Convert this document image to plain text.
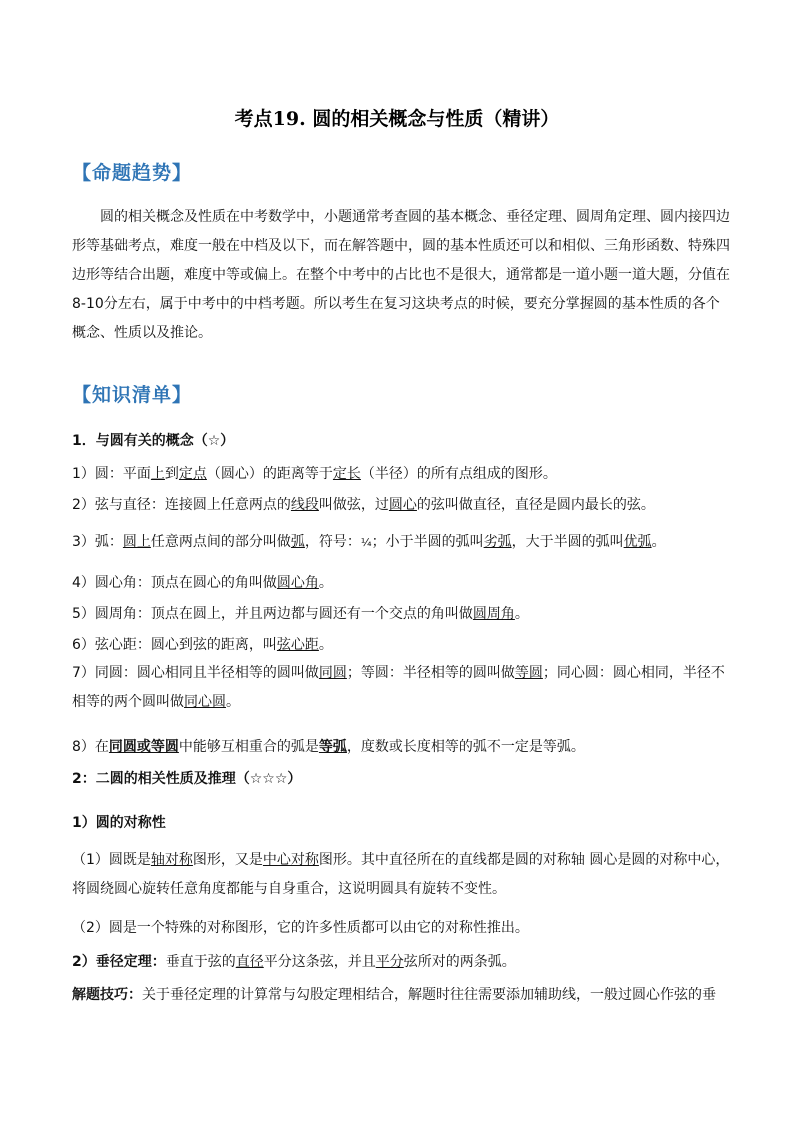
考点19. 圆的相关概念与性质（精讲）
【命题趋势】
圆的相关概念及性质在中考数学中，小题通常考查圆的基本概念、垂径定理、圆周角定理、圆内接四边形等基础考点，难度一般在中档及以下，而在解答题中，圆的基本性质还可以和相似、三角形函数、特殊四边形等结合出题，难度中等或偏上。在整个中考中的占比也不是很大，通常都是一道小题一道大题，分值在8-10分左右，属于中考中的中档考题。所以考生在复习这块考点的时候，要充分掌握圆的基本性质的各个概念、性质以及推论。
【知识清单】
1．与圆有关的概念（☆）
1）圆：平面上到定点（圆心）的距离等于定长（半径）的所有点组成的图形。
2）弦与直径：连接圆上任意两点的线段叫做弦，过圆心的弦叫做直径，直径是圆内最长的弦。
3）弧：圆上任意两点间的部分叫做弧，符号：¼；小于半圆的弧叫劣弧，大于半圆的弧叫优弧。
4）圆心角：顶点在圆心的角叫做圆心角。
5）圆周角：顶点在圆上，并且两边都与圆还有一个交点的角叫做圆周角。
6）弦心距：圆心到弦的距离，叫弦心距。
7）同圆：圆心相同且半径相等的圆叫做同圆；等圆：半径相等的圆叫做等圆；同心圆：圆心相同，半径不相等的两个圆叫做同心圆。
8）在同圆或等圆中能够互相重合的弧是等弧，度数或长度相等的弧不一定是等弧。
2：二圆的相关性质及推理（☆☆☆）
1）圆的对称性
（1）圆既是轴对称图形，又是中心对称图形。其中直径所在的直线都是圆的对称轴 圆心是圆的对称中心，将圆绕圆心旋转任意角度都能与自身重合，这说明圆具有旋转不变性。
（2）圆是一个特殊的对称图形，它的许多性质都可以由它的对称性推出。
2）垂径定理：垂直于弦的直径平分这条弦，并且平分弦所对的两条弧。
解题技巧：关于垂径定理的计算常与勾股定理相结合，解题时往往需要添加辅助线，一般过圆心作弦的垂
